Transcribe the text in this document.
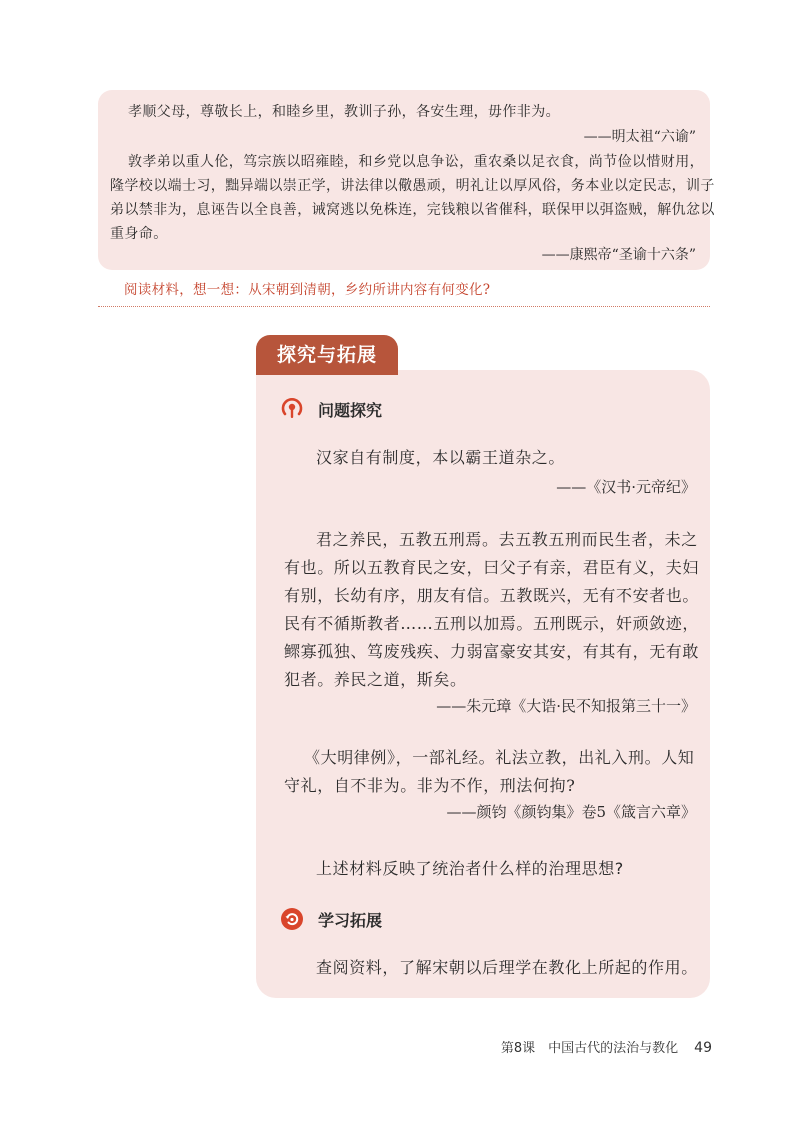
孝顺父母，尊敬长上，和睦乡里，教训子孙，各安生理，毋作非为。
——明太祖“六谕”
敦孝弟以重人伦，笃宗族以昭雍睦，和乡党以息争讼，重农桑以足衣食，尚节俭以惜财用，
隆学校以端士习，黜异端以崇正学，讲法律以儆愚顽，明礼让以厚风俗，务本业以定民志，训子
弟以禁非为，息诬告以全良善，诫窝逃以免株连，完钱粮以省催科，联保甲以弭盗贼，解仇忿以
重身命。
——康熙帝“圣谕十六条”
阅读材料，想一想：从宋朝到清朝，乡约所讲内容有何变化?
探究与拓展
问题探究
汉家自有制度，本以霸王道杂之。
——《汉书·元帝纪》
君之养民，五教五刑焉。去五教五刑而民生者，未之
有也。所以五教育民之安，曰父子有亲，君臣有义，夫妇
有别，长幼有序，朋友有信。五教既兴，无有不安者也。
民有不循斯教者……五刑以加焉。五刑既示，奸顽敛迹，
鳏寡孤独、笃废残疾、力弱富豪安其安，有其有，无有敢
犯者。养民之道，斯矣。
——朱元璋《大诰·民不知报第三十一》
《大明律例》，一部礼经。礼法立教，出礼入刑。人知
守礼，自不非为。非为不作，刑法何拘?
——颜钧《颜钧集》卷5《箴言六章》
上述材料反映了统治者什么样的治理思想?
学习拓展
查阅资料，了解宋朝以后理学在教化上所起的作用。
第8课　中国古代的法治与教化 49
